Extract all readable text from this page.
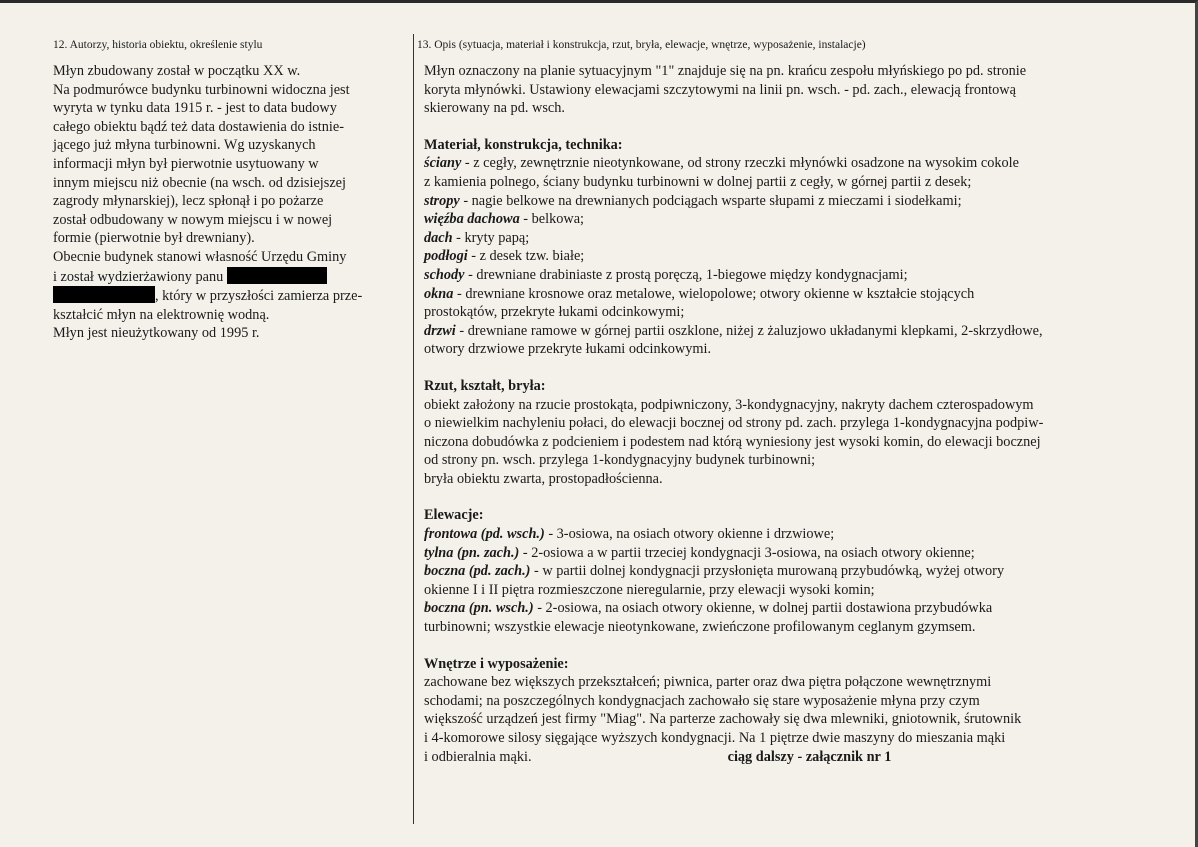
12. Autorzy, historia obiektu, określenie stylu
Młyn zbudowany został w początku XX w.
Na podmurówce budynku turbinowni widoczna jest
wyryta w tynku data 1915 r. - jest to data budowy
całego obiektu bądź też data dostawienia do istnie-
jącego już młyna turbinowni. Wg uzyskanych
informacji młyn był pierwotnie usytuowany w
innym miejscu niż obecnie (na wsch. od dzisiejszej
zagrody młynarskiej), lecz spłonął i po pożarze
został odbudowany w nowym miejscu i w nowej
formie (pierwotnie był drewniany).
Obecnie budynek stanowi własność Urzędu Gminy
i został wydzierżawiony panu
, który w przyszłości zamierza prze-
kształcić młyn na elektrownię wodną.
Młyn jest nieużytkowany od 1995 r.
13. Opis (sytuacja, materiał i konstrukcja, rzut, bryła, elewacje, wnętrze, wyposażenie, instalacje)
Młyn oznaczony na planie sytuacyjnym "1" znajduje się na pn. krańcu zespołu młyńskiego po pd. stronie
koryta młynówki. Ustawiony elewacjami szczytowymi na linii pn. wsch. - pd. zach., elewacją frontową
skierowany na pd. wsch.
Materiał, konstrukcja, technika:
ściany - z cegły, zewnętrznie nieotynkowane, od strony rzeczki młynówki osadzone na wysokim cokole
z kamienia polnego, ściany budynku turbinowni w dolnej partii z cegły, w górnej partii z desek;
stropy - nagie belkowe na drewnianych podciągach wsparte słupami z mieczami i siodełkami;
więźba dachowa - belkowa;
dach - kryty papą;
podłogi - z desek tzw. białe;
schody - drewniane drabiniaste z prostą poręczą, 1-biegowe między kondygnacjami;
okna - drewniane krosnowe oraz metalowe, wielopolowe; otwory okienne w kształcie stojących
prostokątów, przekryte łukami odcinkowymi;
drzwi - drewniane ramowe w górnej partii oszklone, niżej z żaluzjowo układanymi klepkami, 2-skrzydłowe,
otwory drzwiowe przekryte łukami odcinkowymi.
Rzut, kształt, bryła:
obiekt założony na rzucie prostokąta, podpiwniczony, 3-kondygnacyjny, nakryty dachem czterospadowym
o niewielkim nachyleniu połaci, do elewacji bocznej od strony pd. zach. przylega 1-kondygnacyjna podpiw-
niczona dobudówka z podcieniem i podestem nad którą wyniesiony jest wysoki komin, do elewacji bocznej
od strony pn. wsch. przylega 1-kondygnacyjny budynek turbinowni;
bryła obiektu zwarta, prostopadłościenna.
Elewacje:
frontowa (pd. wsch.) - 3-osiowa, na osiach otwory okienne i drzwiowe;
tylna (pn. zach.) - 2-osiowa a w partii trzeciej kondygnacji 3-osiowa, na osiach otwory okienne;
boczna (pd. zach.) - w partii dolnej kondygnacji przysłonięta murowaną przybudówką, wyżej otwory
okienne I i II piętra rozmieszczone nieregularnie, przy elewacji wysoki komin;
boczna (pn. wsch.) - 2-osiowa, na osiach otwory okienne, w dolnej partii dostawiona przybudówka
turbinowni; wszystkie elewacje nieotynkowane, zwieńczone profilowanym ceglanym gzymsem.
Wnętrze i wyposażenie:
zachowane bez większych przekształceń; piwnica, parter oraz dwa piętra połączone wewnętrznymi
schodami; na poszczególnych kondygnacjach zachowało się stare wyposażenie młyna przy czym
większość urządzeń jest firmy "Miag". Na parterze zachowały się dwa mlewniki, gniotownik, śrutownik
i 4-komorowe silosy sięgające wyższych kondygnacji. Na 1 piętrze dwie maszyny do mieszania mąki
i odbieralnia mąki.	ciąg dalszy - załącznik nr 1
